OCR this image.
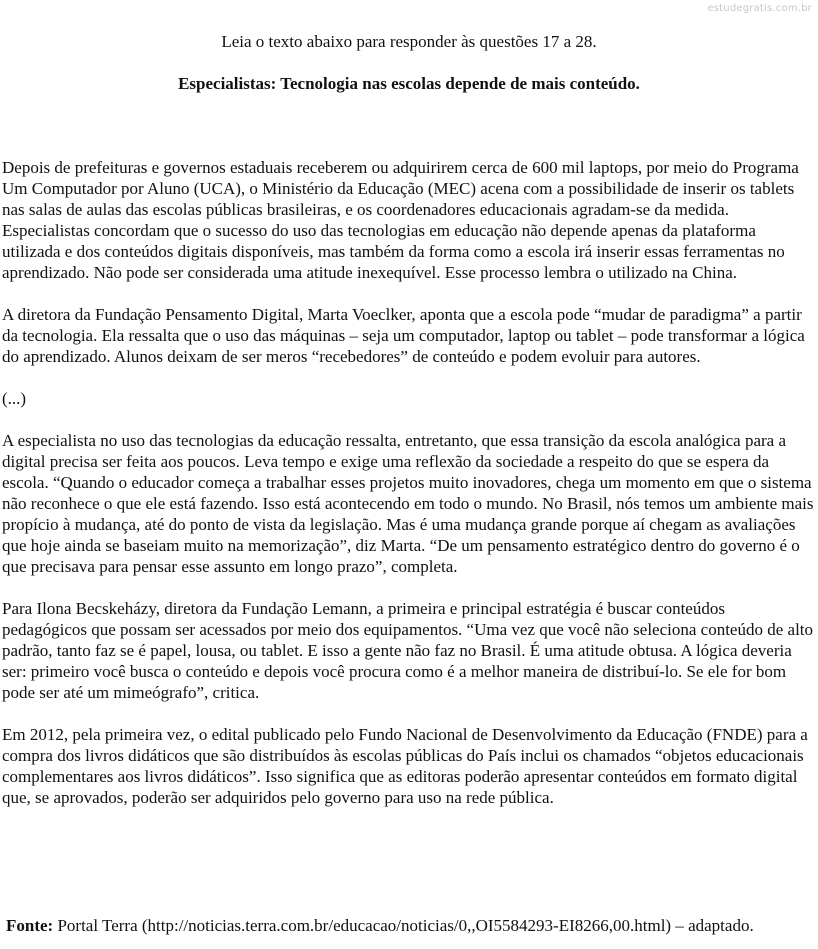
estudegratis.com.br
Leia o texto abaixo para responder às questões 17 a 28.
Especialistas: Tecnologia nas escolas depende de mais conteúdo.

Depois de prefeituras e governos estaduais receberem ou adquirirem cerca de 600 mil laptops, por meio do Programa Um Computador por Aluno (UCA), o Ministério da Educação (MEC) acena com a possibilidade de inserir os tablets nas salas de aulas das escolas públicas brasileiras, e os coordenadores educacionais agradam-se da medida. Especialistas concordam que o sucesso do uso das tecnologias em educação não depende apenas da plataforma utilizada e dos conteúdos digitais disponíveis, mas também da forma como a escola irá inserir essas ferramentas no aprendizado. Não pode ser considerada uma atitude inexequível. Esse processo lembra o utilizado na China.

A diretora da Fundação Pensamento Digital, Marta Voeclker, aponta que a escola pode “mudar de paradigma” a partir da tecnologia. Ela ressalta que o uso das máquinas – seja um computador, laptop ou tablet – pode transformar a lógica do aprendizado. Alunos deixam de ser meros “recebedores” de conteúdo e podem evoluir para autores.

(...)

A especialista no uso das tecnologias da educação ressalta, entretanto, que essa transição da escola analógica para a digital precisa ser feita aos poucos. Leva tempo e exige uma reflexão da sociedade a respeito do que se espera da escola. “Quando o educador começa a trabalhar esses projetos muito inovadores, chega um momento em que o sistema não reconhece o que ele está fazendo. Isso está acontecendo em todo o mundo. No Brasil, nós temos um ambiente mais propício à mudança, até do ponto de vista da legislação. Mas é uma mudança grande porque aí chegam as avaliações que hoje ainda se baseiam muito na memorização”, diz Marta. “De um pensamento estratégico dentro do governo é o que precisava para pensar esse assunto em longo prazo”, completa.

Para Ilona Becskeházy, diretora da Fundação Lemann, a primeira e principal estratégia é buscar conteúdos pedagógicos que possam ser acessados por meio dos equipamentos. “Uma vez que você não seleciona conteúdo de alto padrão, tanto faz se é papel, lousa, ou tablet. E isso a gente não faz no Brasil. É uma atitude obtusa. A lógica deveria ser: primeiro você busca o conteúdo e depois você procura como é a melhor maneira de distribuí-lo. Se ele for bom pode ser até um mimeógrafo”, critica.

Em 2012, pela primeira vez, o edital publicado pelo Fundo Nacional de Desenvolvimento da Educação (FNDE) para a compra dos livros didáticos que são distribuídos às escolas públicas do País inclui os chamados “objetos educacionais complementares aos livros didáticos”. Isso significa que as editoras poderão apresentar conteúdos em formato digital que, se aprovados, poderão ser adquiridos pelo governo para uso na rede pública.

Fonte: Portal Terra (http://noticias.terra.com.br/educacao/noticias/0,,OI5584293-EI8266,00.html) – adaptado.
